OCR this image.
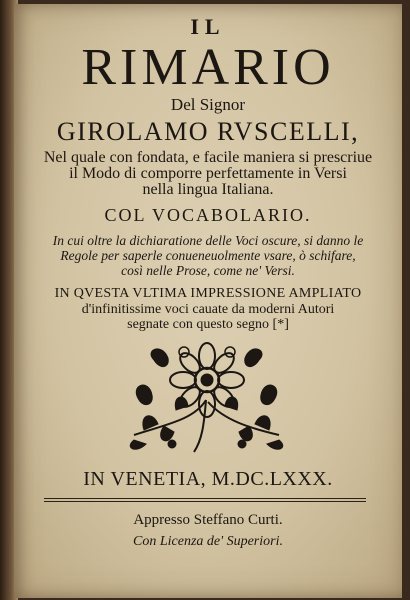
IL
RIMARIO
Del Signor
GIROLAMO RVSCELLI,
Nel quale con fondata, e facile maniera si prescriue
il Modo di comporre perfettamente in Versi
nella lingua Italiana.
COL VOCABOLARIO.
In cui oltre la dichiaratione delle Voci oscure, si danno le
Regole per saperle conueneuolmente vsare, ò schifare,
così nelle Prose, come ne' Versi.
IN QVESTA VLTIMA IMPRESSIONE AMPLIATO
d'infinitissime voci cauate da moderni Autori
segnate con questo segno [*]
IN VENETIA, M.DC.LXXX.
Appresso Steffano Curti.
Con Licenza de' Superiori.
